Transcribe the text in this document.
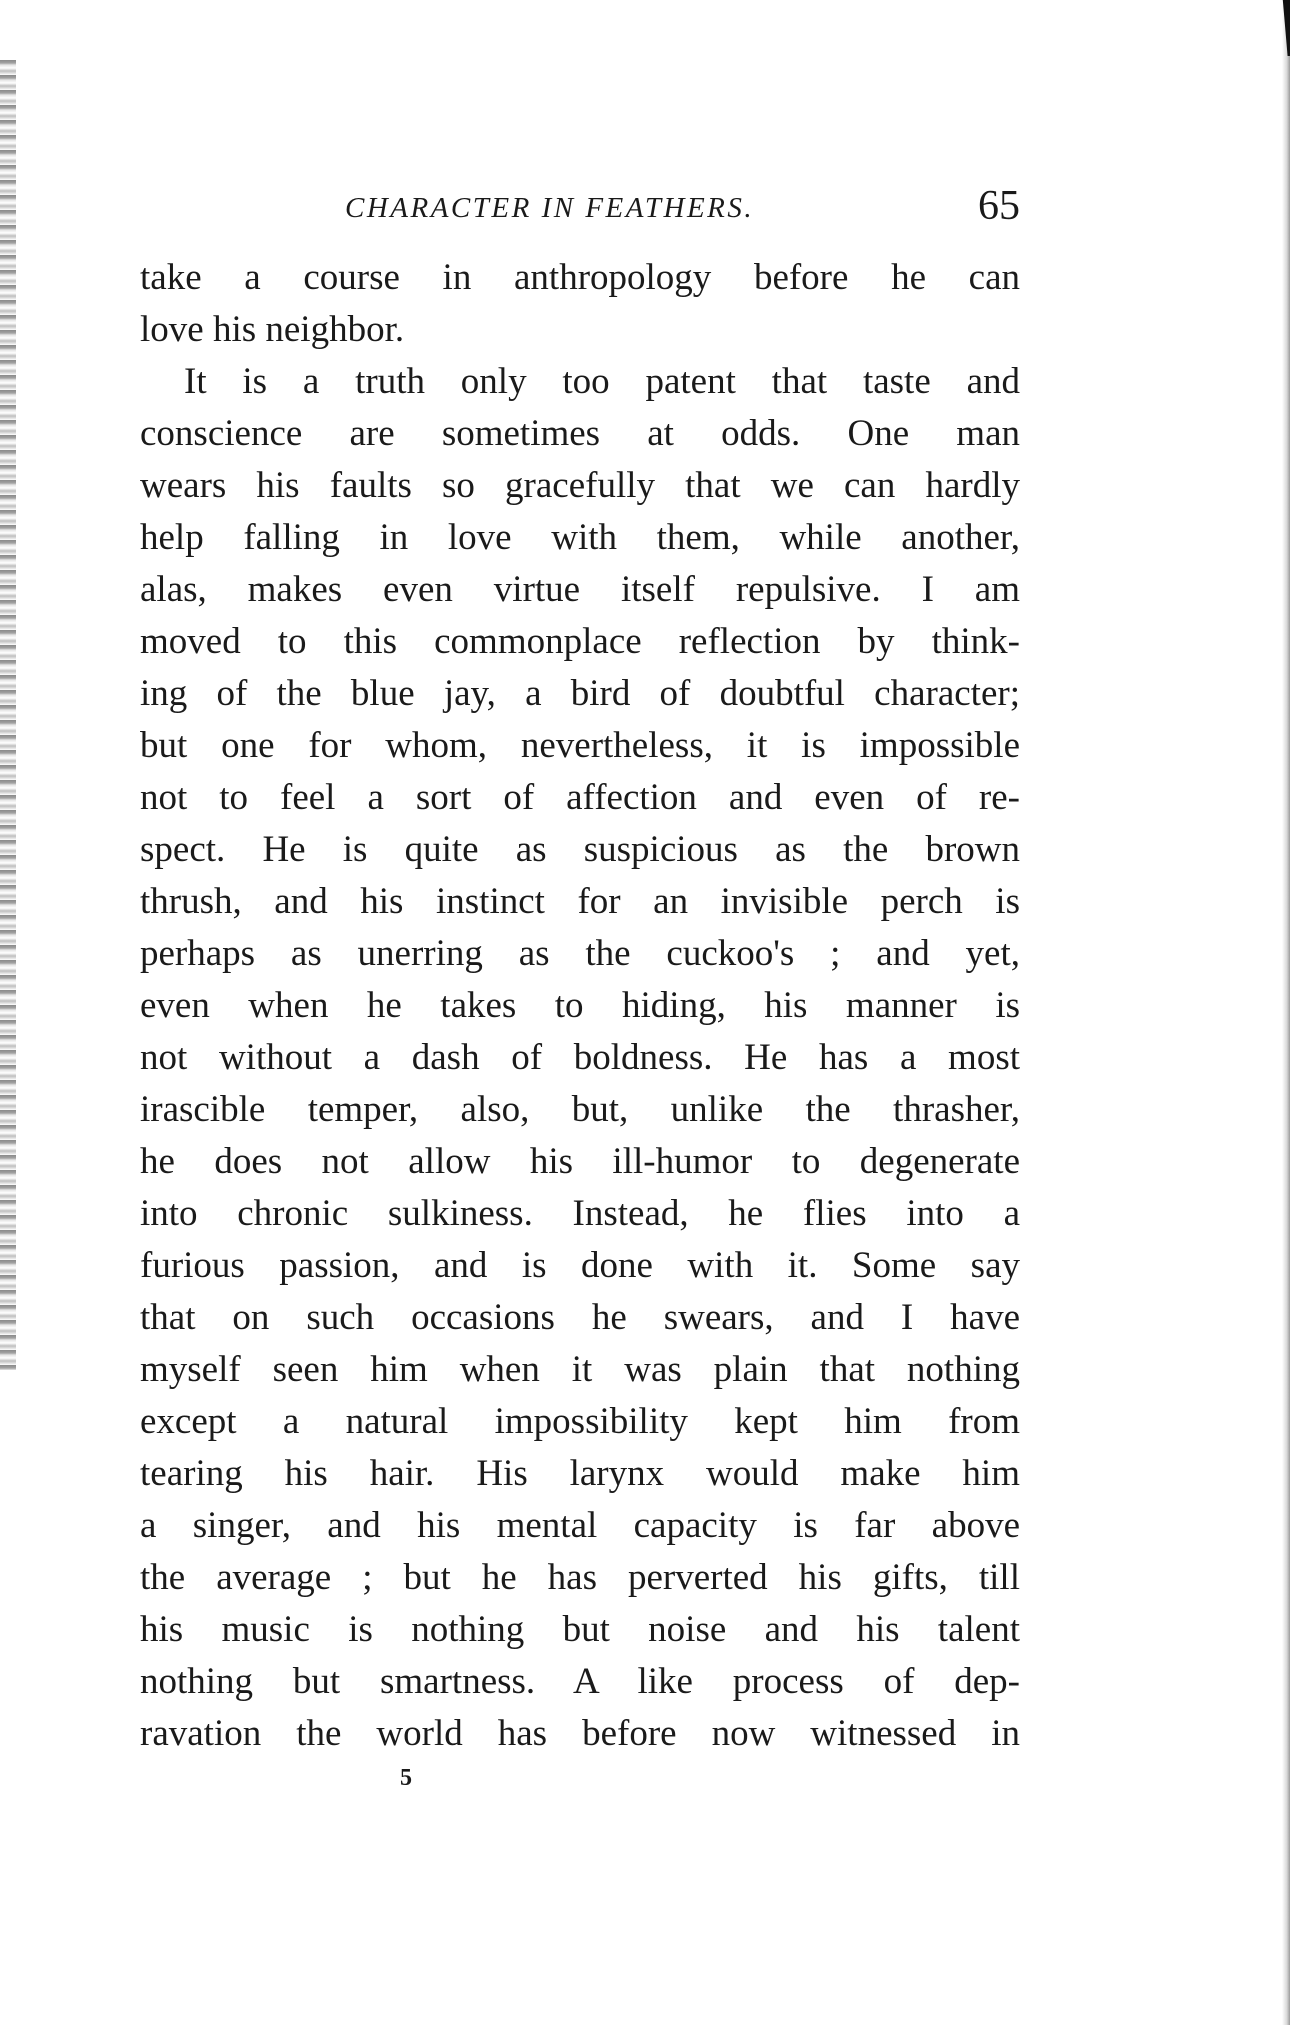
CHARACTER IN FEATHERS.	65
take a course in anthropology before he can
love his neighbor.
It is a truth only too patent that taste and
conscience are sometimes at odds. One man
wears his faults so gracefully that we can hardly
help falling in love with them, while another,
alas, makes even virtue itself repulsive. I am
moved to this commonplace reflection by think-
ing of the blue jay, a bird of doubtful character;
but one for whom, nevertheless, it is impossible
not to feel a sort of affection and even of re-
spect. He is quite as suspicious as the brown
thrush, and his instinct for an invisible perch is
perhaps as unerring as the cuckoo's ; and yet,
even when he takes to hiding, his manner is
not without a dash of boldness. He has a most
irascible temper, also, but, unlike the thrasher,
he does not allow his ill-humor to degenerate
into chronic sulkiness. Instead, he flies into a
furious passion, and is done with it. Some say
that on such occasions he swears, and I have
myself seen him when it was plain that nothing
except a natural impossibility kept him from
tearing his hair. His larynx would make him
a singer, and his mental capacity is far above
the average ; but he has perverted his gifts, till
his music is nothing but noise and his talent
nothing but smartness. A like process of dep-
ravation the world has before now witnessed in
5
